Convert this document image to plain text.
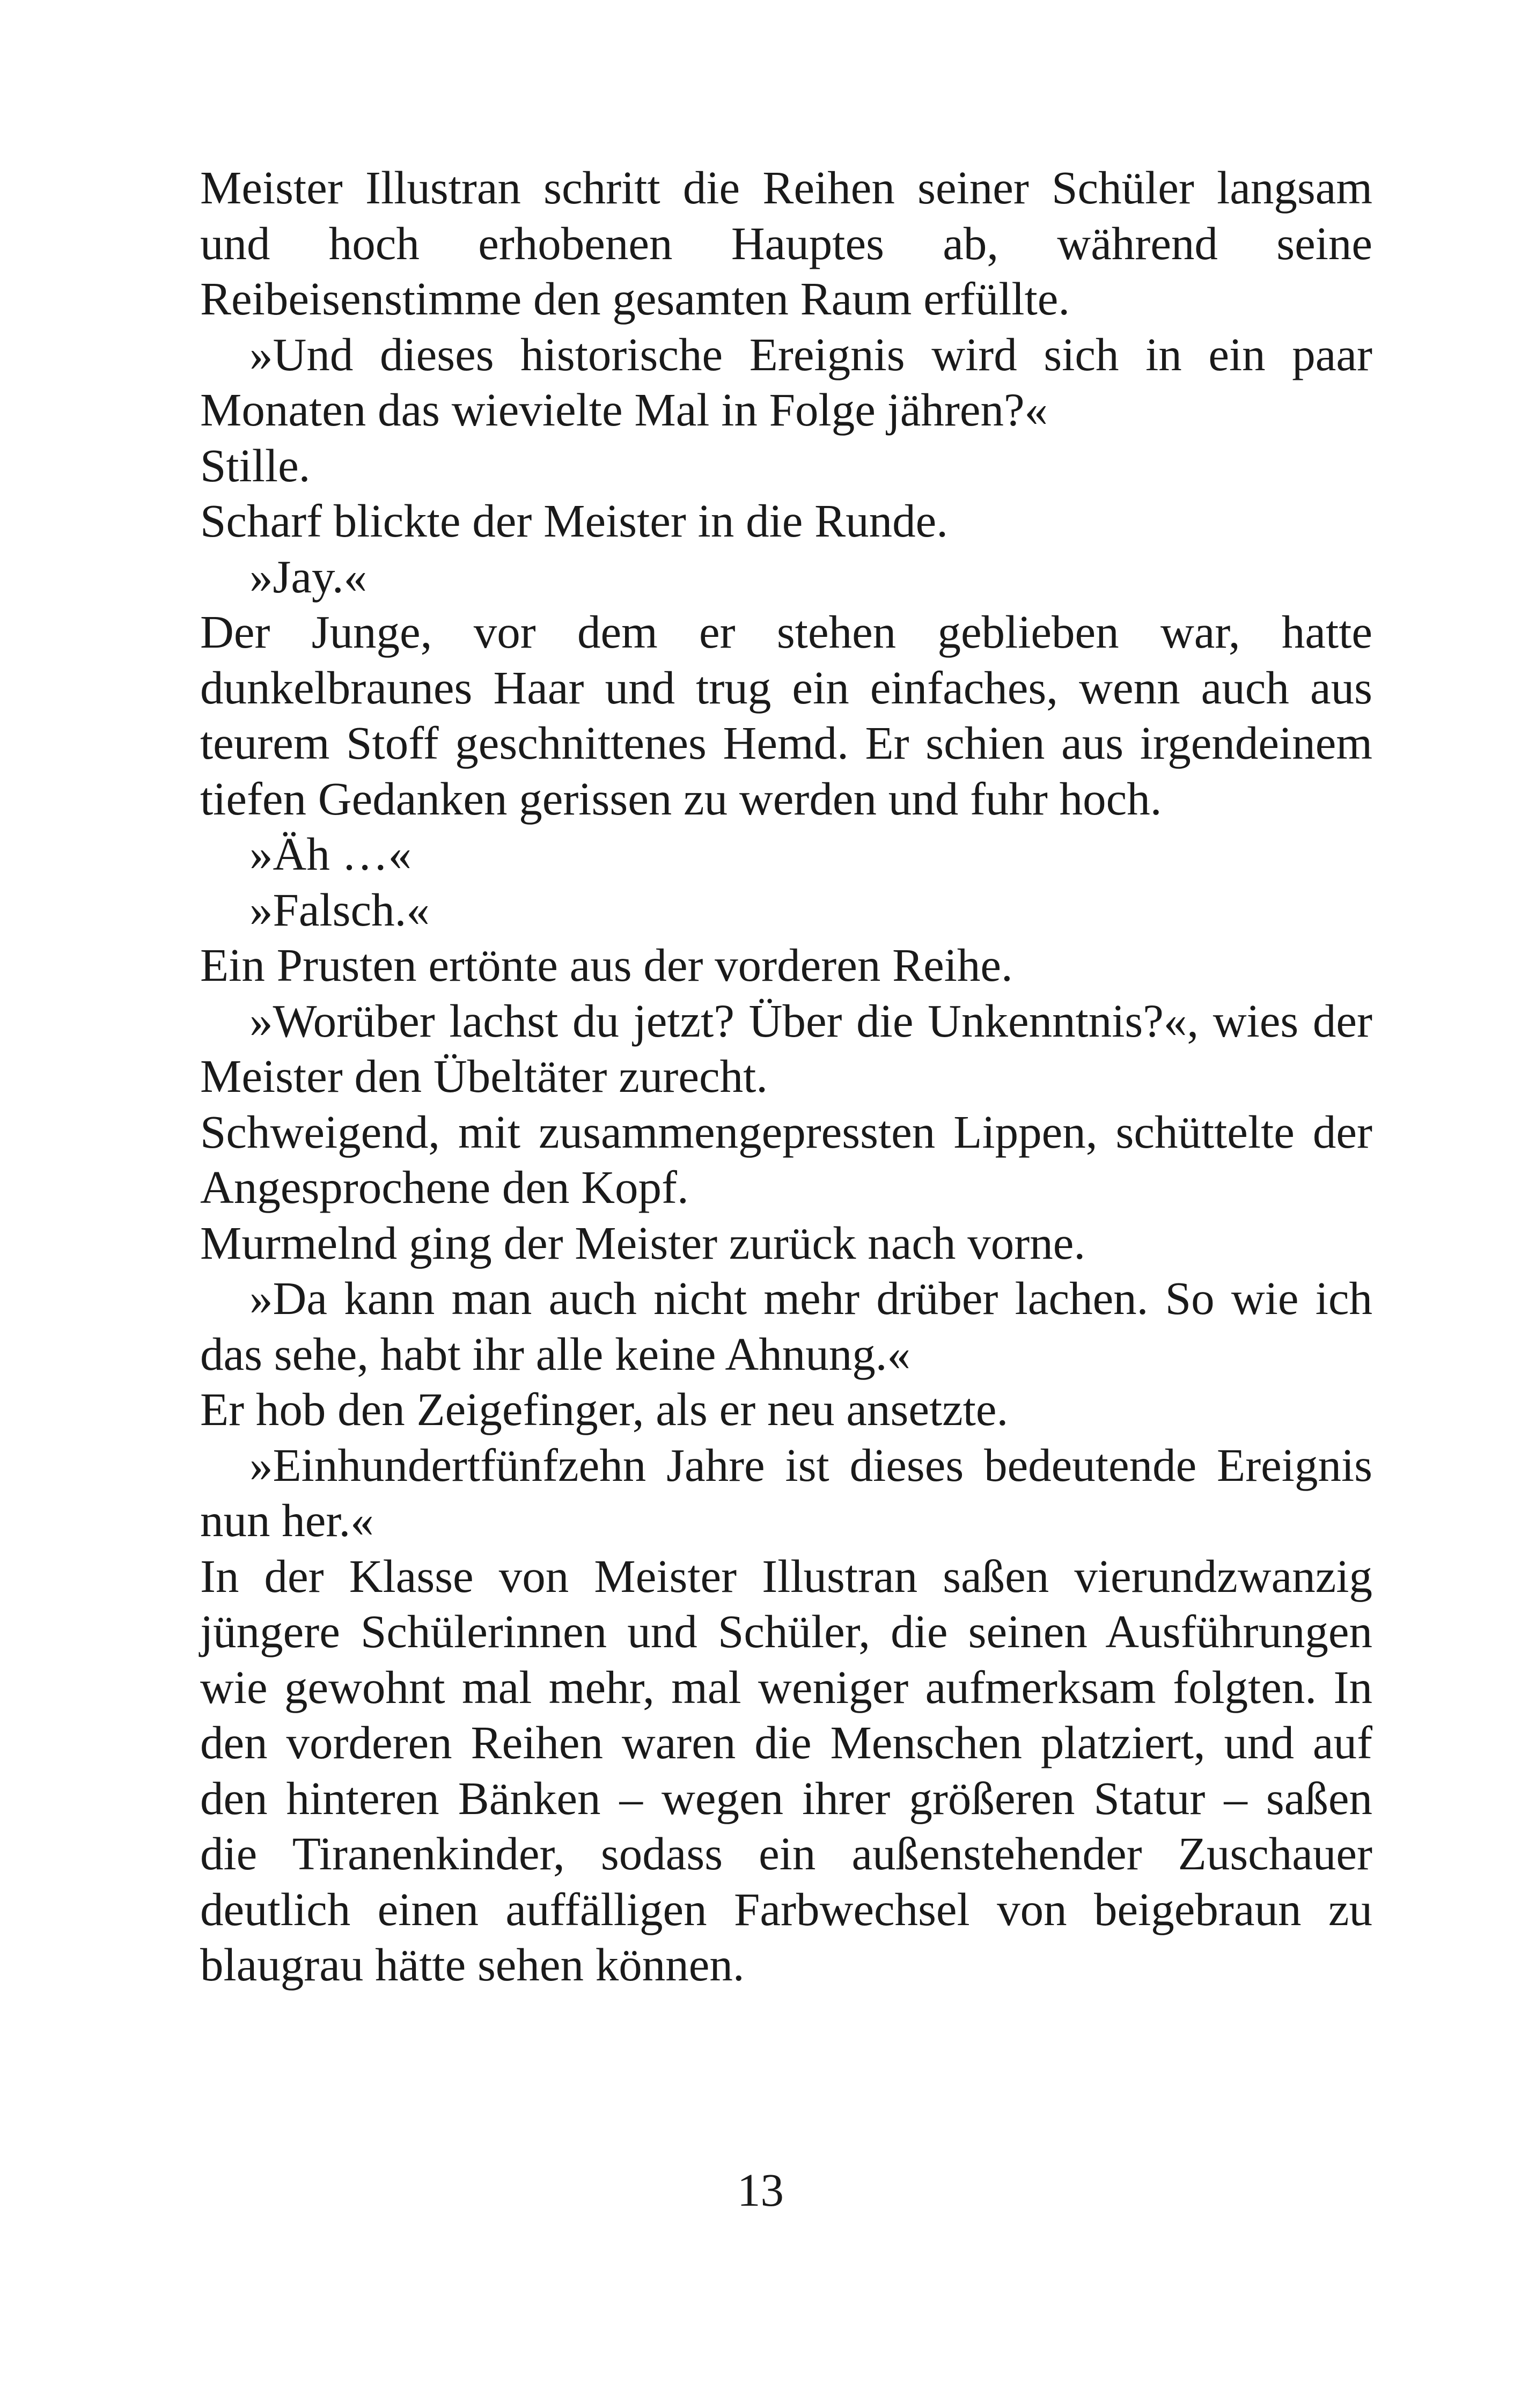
Meister Illustran schritt die Reihen seiner Schüler langsam und hoch erhobenen Hauptes ab, während seine Reibeisenstimme den gesamten Raum erfüllte.

»Und dieses historische Ereignis wird sich in ein paar Monaten das wievielte Mal in Folge jähren?«

Stille.

Scharf blickte der Meister in die Runde.

»Jay.«

Der Junge, vor dem er stehen geblieben war, hatte dunkelbraunes Haar und trug ein einfaches, wenn auch aus teurem Stoff geschnittenes Hemd. Er schien aus irgendeinem tiefen Gedanken gerissen zu werden und fuhr hoch.

»Äh …«

»Falsch.«

Ein Prusten ertönte aus der vorderen Reihe.

»Worüber lachst du jetzt? Über die Unkenntnis?«, wies der Meister den Übeltäter zurecht.

Schweigend, mit zusammengepressten Lippen, schüttelte der Angesprochene den Kopf.

Murmelnd ging der Meister zurück nach vorne.

»Da kann man auch nicht mehr drüber lachen. So wie ich das sehe, habt ihr alle keine Ahnung.«

Er hob den Zeigefinger, als er neu ansetzte.

»Einhundertfünfzehn Jahre ist dieses bedeutende Ereignis nun her.«

In der Klasse von Meister Illustran saßen vierundzwanzig jüngere Schülerinnen und Schüler, die seinen Ausführungen wie gewohnt mal mehr, mal weniger aufmerksam folgten. In den vorderen Reihen waren die Menschen platziert, und auf den hinteren Bänken – wegen ihrer größeren Statur – saßen die Tiranenkinder, sodass ein außenstehender Zuschauer deutlich einen auffälligen Farbwechsel von beigebraun zu blaugrau hätte sehen können.

13
